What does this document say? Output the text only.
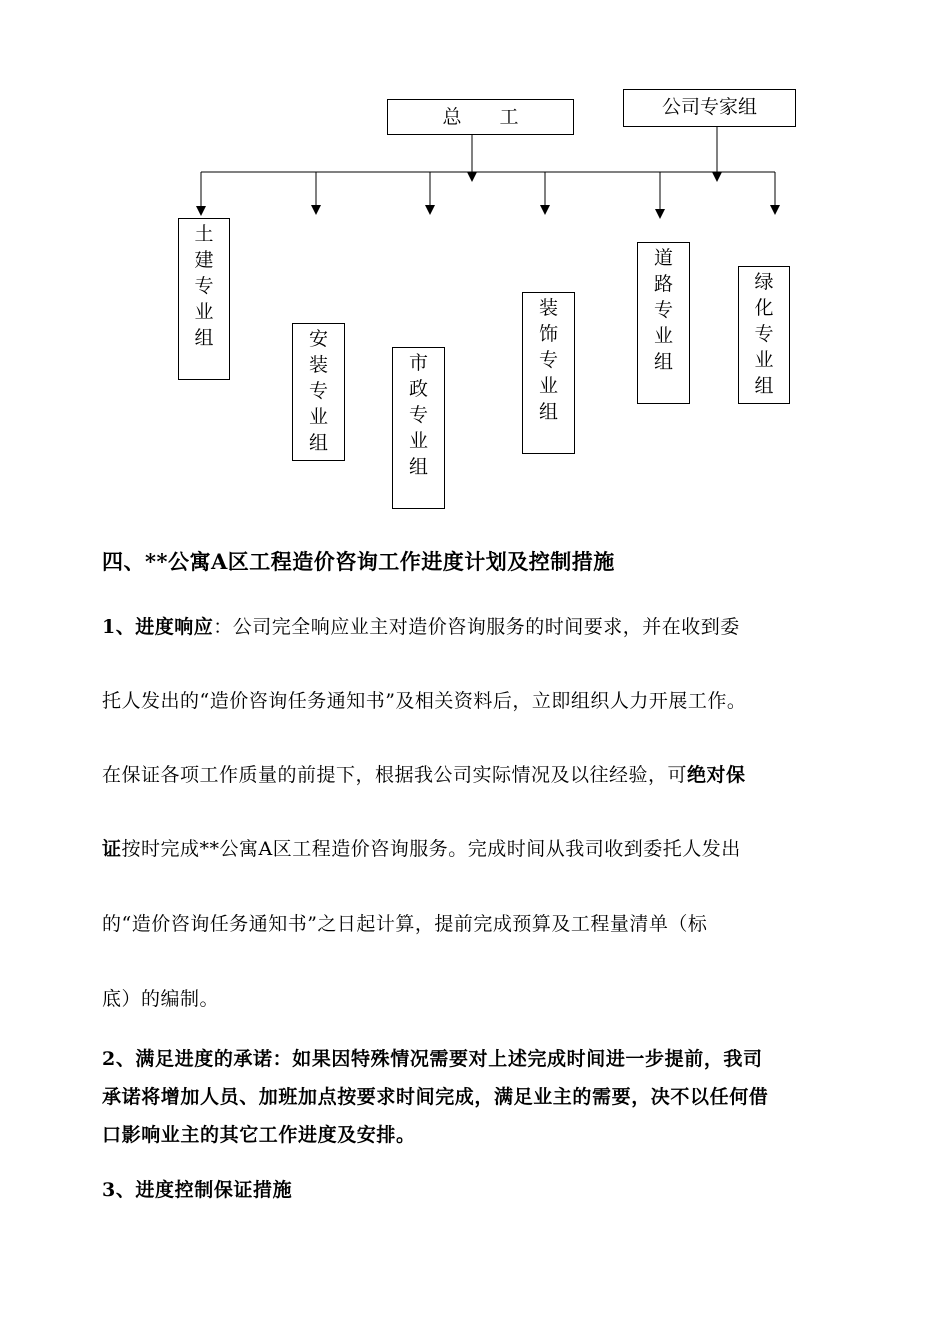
总　　工	公司专家组
土
建
专
业
组	安
装
专
业
组
市
政
专
业
组
装
饰
专
业
组
道
路
专
业
组
绿
化
专
业
组
四、**公寓A区工程造价咨询工作进度计划及控制措施
1、进度响应：公司完全响应业主对造价咨询服务的时间要求，并在收到委
托人发出的“造价咨询任务通知书”及相关资料后，立即组织人力开展工作。
在保证各项工作质量的前提下，根据我公司实际情况及以往经验，可绝对保
证按时完成**公寓A区工程造价咨询服务。完成时间从我司收到委托人发出
的“造价咨询任务通知书”之日起计算，提前完成预算及工程量清单（标
底）的编制。
2、满足进度的承诺：如果因特殊情况需要对上述完成时间进一步提前，我司
承诺将增加人员、加班加点按要求时间完成，满足业主的需要，决不以任何借
口影响业主的其它工作进度及安排。
3、进度控制保证措施
